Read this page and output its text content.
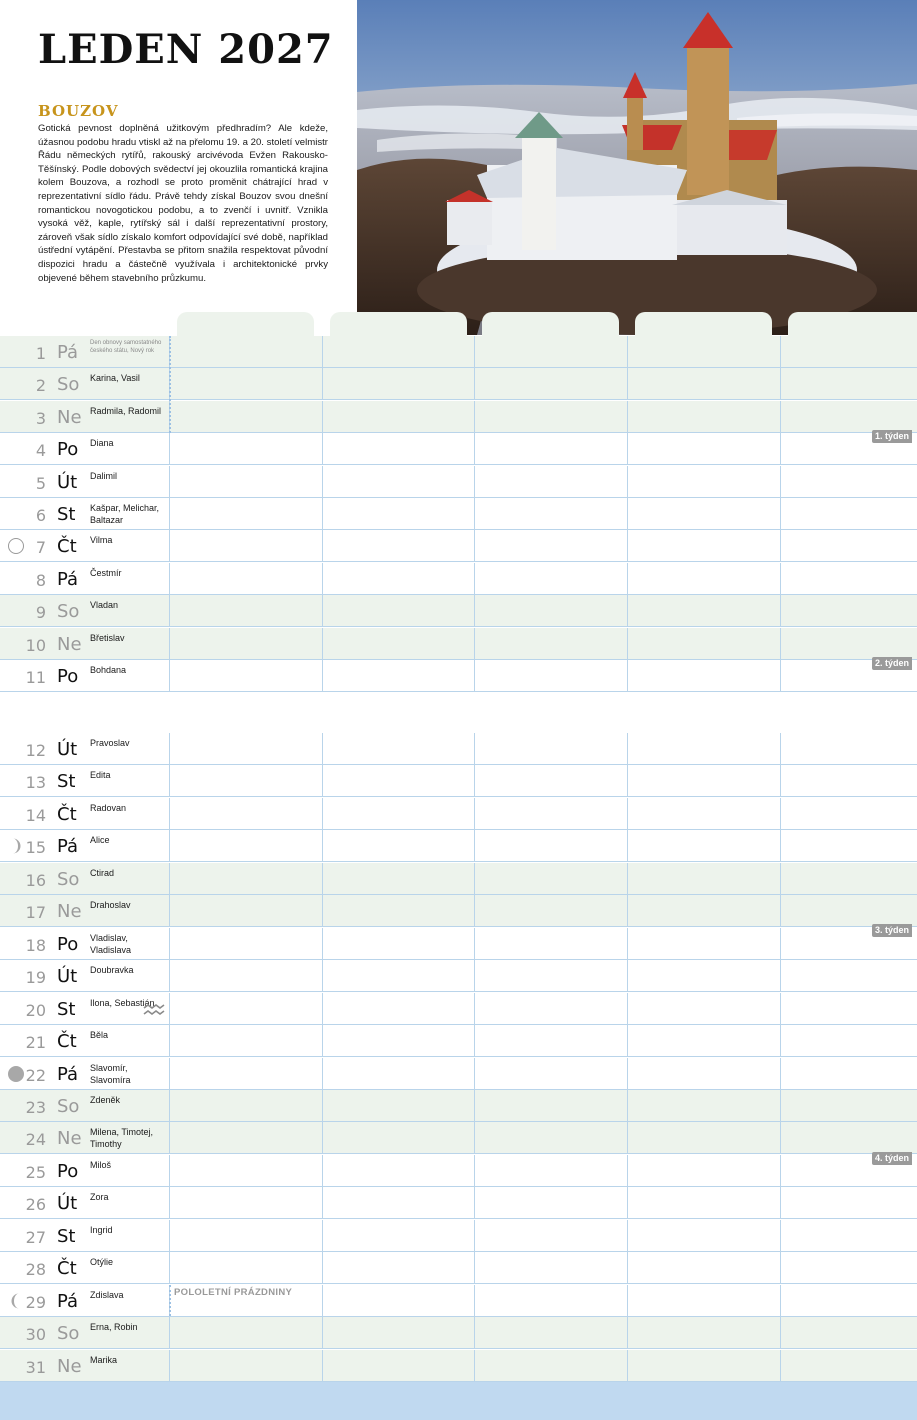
LEDEN 2027
BOUZOV

Gotická pevnost doplněná užitkovým předhradím? Ale kdeže, úžasnou podobu hradu vtiskl až na přelomu 19. a 20. století velmistr Řádu německých rytířů, rakouský arcivévoda Evžen Rakousko-Těšínský. Podle dobových svědectví jej okouzlila romantická krajina kolem Bouzova, a rozhodl se proto proměnit chátrající hrad v reprezentativní sídlo řádu. Právě tehdy získal Bouzov svou dnešní romantickou novogotickou podobu, a to zvenčí i uvnitř. Vznikla vysoká věž, kaple, rytířský sál i další reprezentativní prostory, zároveň však sídlo získalo komfort odpovídající své době, například ústřední vytápění. Přestavba se přitom snažila respektovat původní dispozici hradu a částečně využívala i architektonické prvky objevené během stavebního průzkumu.

1 Pá Den obnovy samostatného českého státu, Nový rok
2 So Karina, Vasil
3 Ne Radmila, Radomil
4 Po Diana
5 Út Dalimil
6 St Kašpar, Melichar, Baltazar
7 Čt Vilma
8 Pá Čestmír
9 So Vladan
10 Ne Břetislav
11 Po Bohdana
12 Út Pravoslav
13 St Edita
14 Čt Radovan
15 Pá Alice
16 So Ctirad
17 Ne Drahoslav
18 Po Vladislav, Vladislava
19 Út Doubravka
20 St Ilona, Sebastián
21 Čt Běla
22 Pá Slavomír, Slavomíra
23 So Zdeněk
24 Ne Milena, Timotej, Timothy
25 Po Miloš
26 Út Zora
27 St Ingrid
28 Čt Otýlie
29 Pá Zdislava
30 So Erna, Robin
31 Ne Marika
1. týden
2. týden
3. týden
4. týden
POLOLETNÍ PRÁZDNINY
